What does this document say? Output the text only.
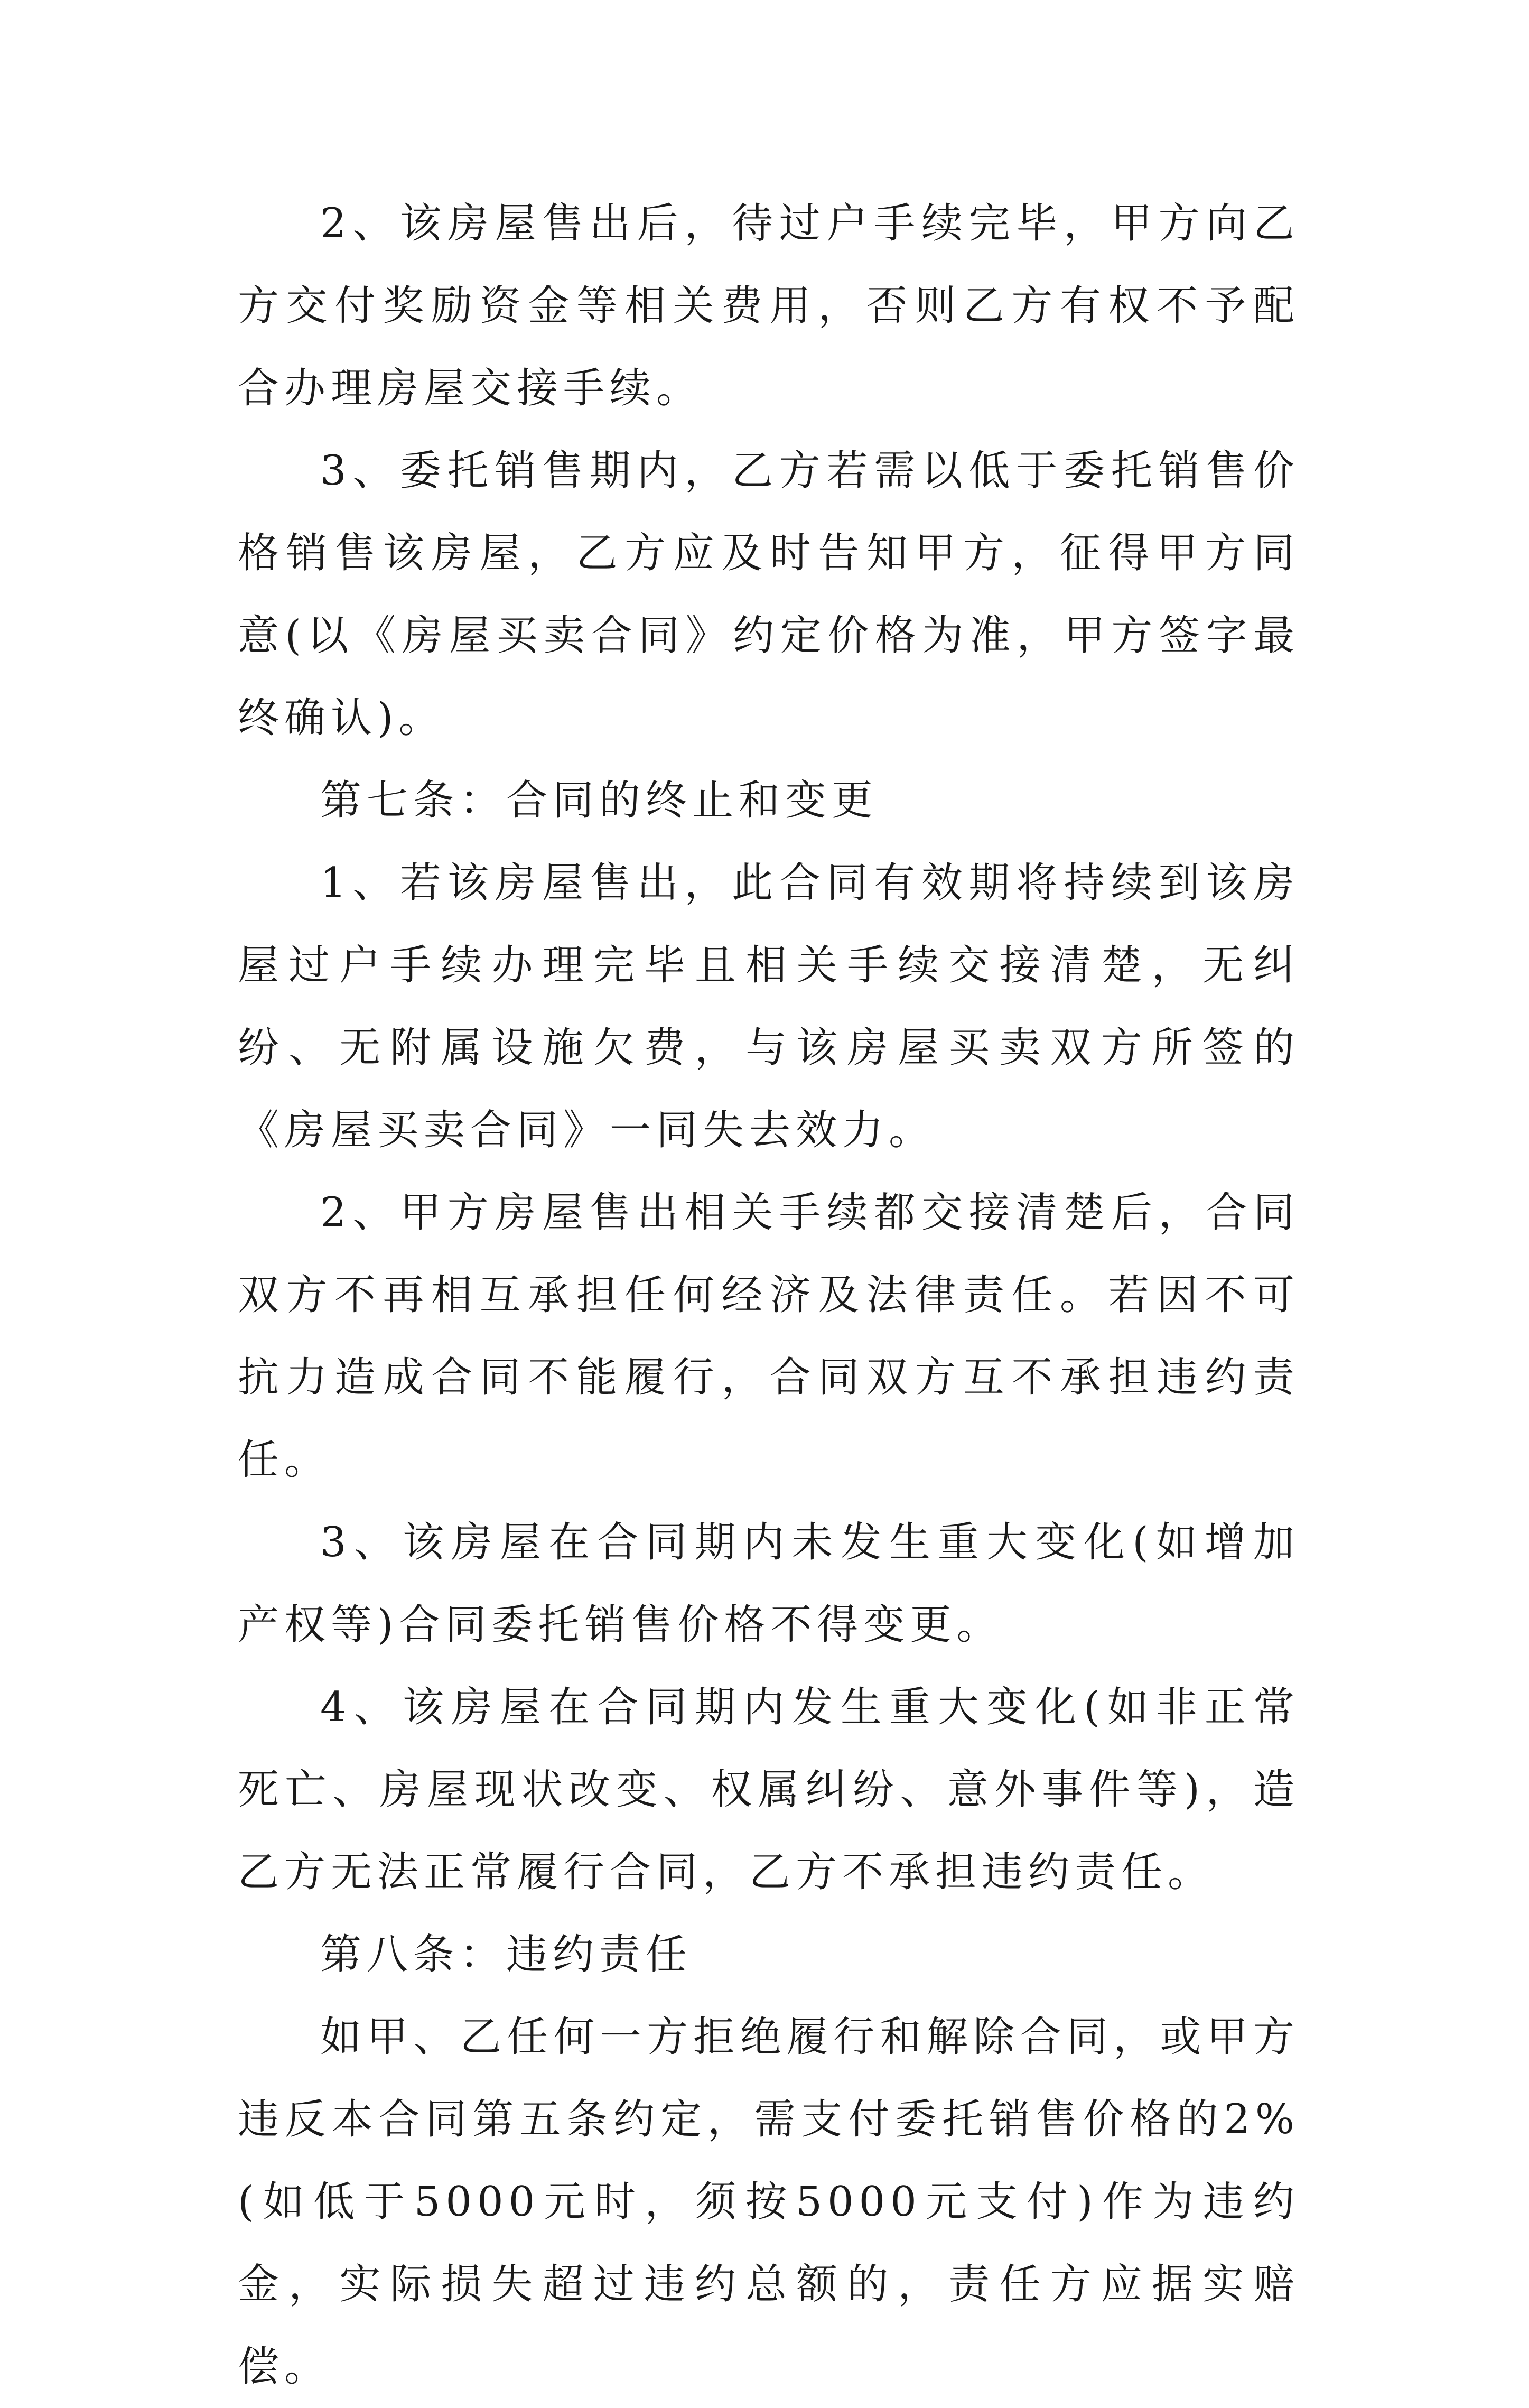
2、该房屋售出后，待过户手续完毕，甲方向乙方交付奖励资金等相关费用，否则乙方有权不予配合办理房屋交接手续。

3、委托销售期内，乙方若需以低于委托销售价格销售该房屋，乙方应及时告知甲方，征得甲方同意(以《房屋买卖合同》约定价格为准，甲方签字最终确认)。

第七条：合同的终止和变更

1、若该房屋售出，此合同有效期将持续到该房屋过户手续办理完毕且相关手续交接清楚，无纠纷、无附属设施欠费，与该房屋买卖双方所签的《房屋买卖合同》一同失去效力。

2、甲方房屋售出相关手续都交接清楚后，合同双方不再相互承担任何经济及法律责任。若因不可抗力造成合同不能履行，合同双方互不承担违约责任。

3、该房屋在合同期内未发生重大变化(如增加产权等)合同委托销售价格不得变更。

4、该房屋在合同期内发生重大变化(如非正常死亡、房屋现状改变、权属纠纷、意外事件等)，造乙方无法正常履行合同，乙方不承担违约责任。

第八条：违约责任

如甲、乙任何一方拒绝履行和解除合同，或甲方违反本合同第五条约定，需支付委托销售价格的2%(如低于5000元时，须按5000元支付)作为违约金，实际损失超过违约总额的，责任方应据实赔偿。
